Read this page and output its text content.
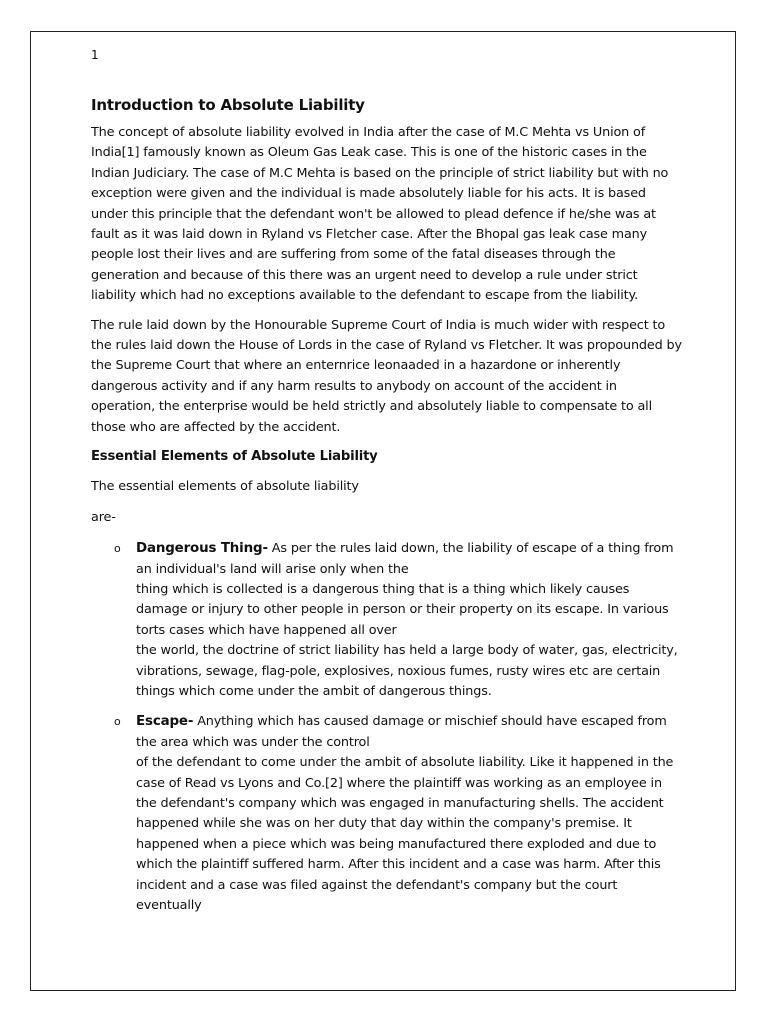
1
Introduction to Absolute Liability

The concept of absolute liability evolved in India after the case of M.C Mehta vs Union of India[1] famously known as Oleum Gas Leak case. This is one of the historic cases in the Indian Judiciary. The case of M.C Mehta is based on the principle of strict liability but with no exception were given and the individual is made absolutely liable for his acts. It is based under this principle that the defendant won't be allowed to plead defence if he/she was at fault as it was laid down in Ryland vs Fletcher case. After the Bhopal gas leak case many people lost their lives and are suffering from some of the fatal diseases through the generation and because of this there was an urgent need to develop a rule under strict liability which had no exceptions available to the defendant to escape from the liability.

The rule laid down by the Honourable Supreme Court of India is much wider with respect to the rules laid down the House of Lords in the case of Ryland vs Fletcher. It was propounded by the Supreme Court that where an enternrice leonaaded in a hazardone or inherently dangerous activity and if any harm results to anybody on account of the accident in operation, the enterprise would be held strictly and absolutely liable to compensate to all those who are affected by the accident.

Essential Elements of Absolute Liability

The essential elements of absolute liability

are-

o Dangerous Thing- As per the rules laid down, the liability of escape of a thing from an individual's land will arise only when the
thing which is collected is a dangerous thing that is a thing which likely causes damage or injury to other people in person or their property on its escape. In various torts cases which have happened all over
the world, the doctrine of strict liability has held a large body of water, gas, electricity, vibrations, sewage, flag-pole, explosives, noxious fumes, rusty wires etc are certain things which come under the ambit of dangerous things.
o Escape- Anything which has caused damage or mischief should have escaped from the area which was under the control
of the defendant to come under the ambit of absolute liability. Like it happened in the case of Read vs Lyons and Co.[2] where the plaintiff was working as an employee in the defendant's company which was engaged in manufacturing shells. The accident happened while she was on her duty that day within the company's premise. It happened when a piece which was being manufactured there exploded and due to which the plaintiff suffered harm. After this incident and a case was harm. After this incident and a case was filed against the defendant's company but the court eventually
